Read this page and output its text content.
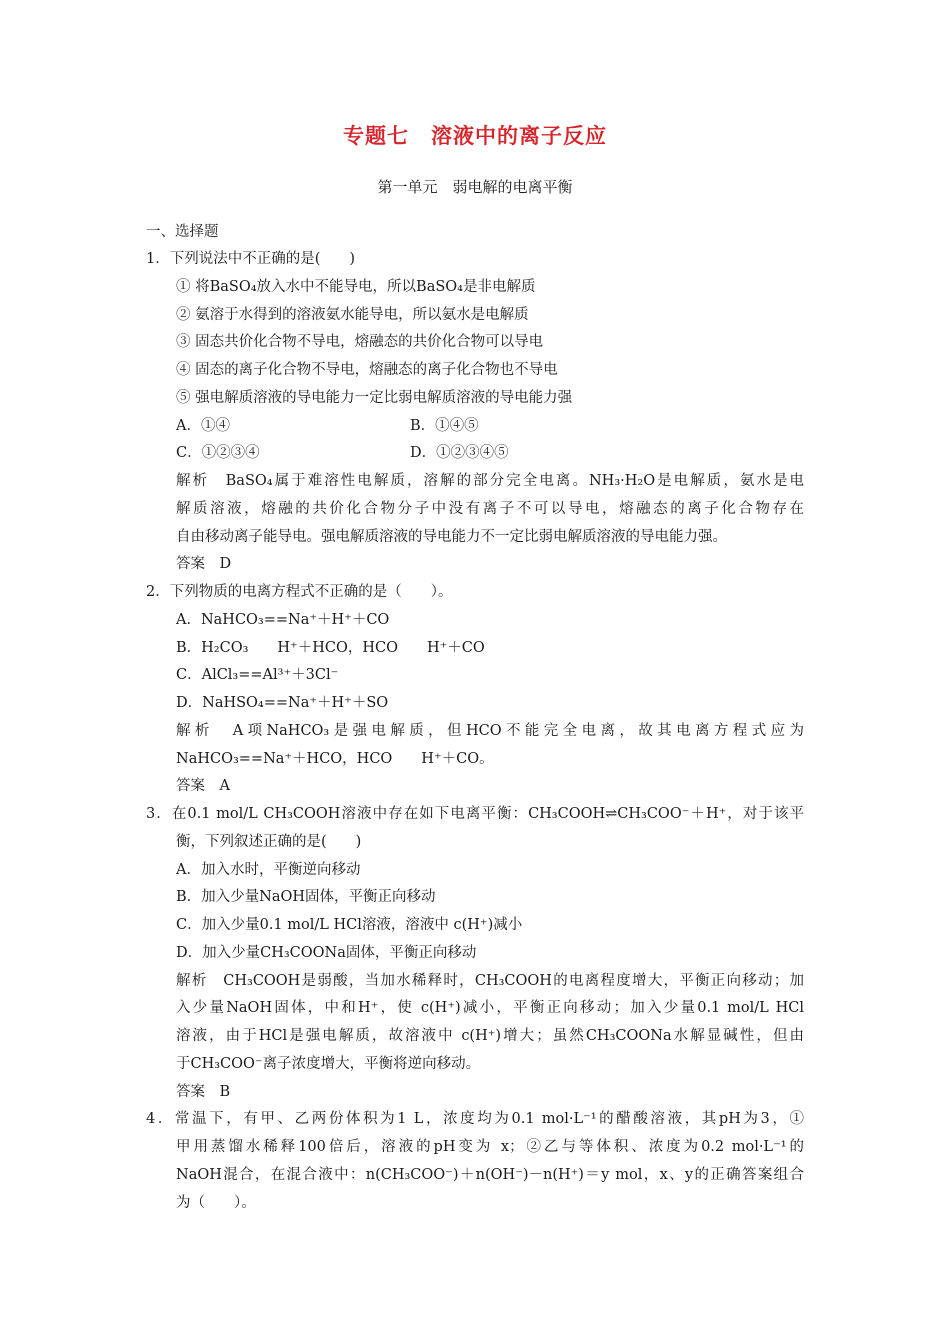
专题七　溶液中的离子反应
第一单元　弱电解的电离平衡
一、选择题
1．下列说法中不正确的是(　　)
① 将BaSO₄放入水中不能导电，所以BaSO₄是非电解质
② 氨溶于水得到的溶液氨水能导电，所以氨水是电解质
③ 固态共价化合物不导电，熔融态的共价化合物可以导电
④ 固态的离子化合物不导电，熔融态的离子化合物也不导电
⑤ 强电解质溶液的导电能力一定比弱电解质溶液的导电能力强
A．①④	B．①④⑤
C．①②③④	D．①②③④⑤
解析　BaSO₄属于难溶性电解质，溶解的部分完全电离。NH₃·H₂O是电解质，氨水是电
解质溶液，熔融的共价化合物分子中没有离子不可以导电，熔融态的离子化合物存在
自由移动离子能导电。强电解质溶液的导电能力不一定比弱电解质溶液的导电能力强。
答案　D
2．下列物质的电离方程式不正确的是（　　）。
A．NaHCO₃==Na⁺＋H⁺＋CO
B．H₂CO₃　　H⁺＋HCO，HCO　　H⁺＋CO
C．AlCl₃==Al³⁺＋3Cl⁻
D．NaHSO₄==Na⁺＋H⁺＋SO
解析　A项NaHCO₃是强电解质，但HCO不能完全电离，故其电离方程式应为
NaHCO₃==Na⁺＋HCO，HCO　　H⁺＋CO。
答案　A
3．在0.1 mol/L CH₃COOH溶液中存在如下电离平衡：CH₃COOH⇌CH₃COO⁻＋H⁺，对于该平
衡，下列叙述正确的是(　　)
A．加入水时，平衡逆向移动
B．加入少量NaOH固体，平衡正向移动
C．加入少量0.1 mol/L HCl溶液，溶液中 c(H⁺)减小
D．加入少量CH₃COONa固体，平衡正向移动
解析　CH₃COOH是弱酸，当加水稀释时，CH₃COOH的电离程度增大，平衡正向移动；加
入少量NaOH固体，中和H⁺，使 c(H⁺)减小，平衡正向移动；加入少量0.1 mol/L HCl
溶液，由于HCl是强电解质，故溶液中 c(H⁺)增大；虽然CH₃COONa水解显碱性，但由
于CH₃COO⁻离子浓度增大，平衡将逆向移动。
答案　B
4．常温下，有甲、乙两份体积为1 L，浓度均为0.1 mol·L⁻¹的醋酸溶液，其pH为3，①
甲用蒸馏水稀释100倍后，溶液的pH变为 x；②乙与等体积、浓度为0.2 mol·L⁻¹的
NaOH混合，在混合液中：n(CH₃COO⁻)＋n(OH⁻)－n(H⁺)＝y mol，x、y的正确答案组合
为（　　）。
